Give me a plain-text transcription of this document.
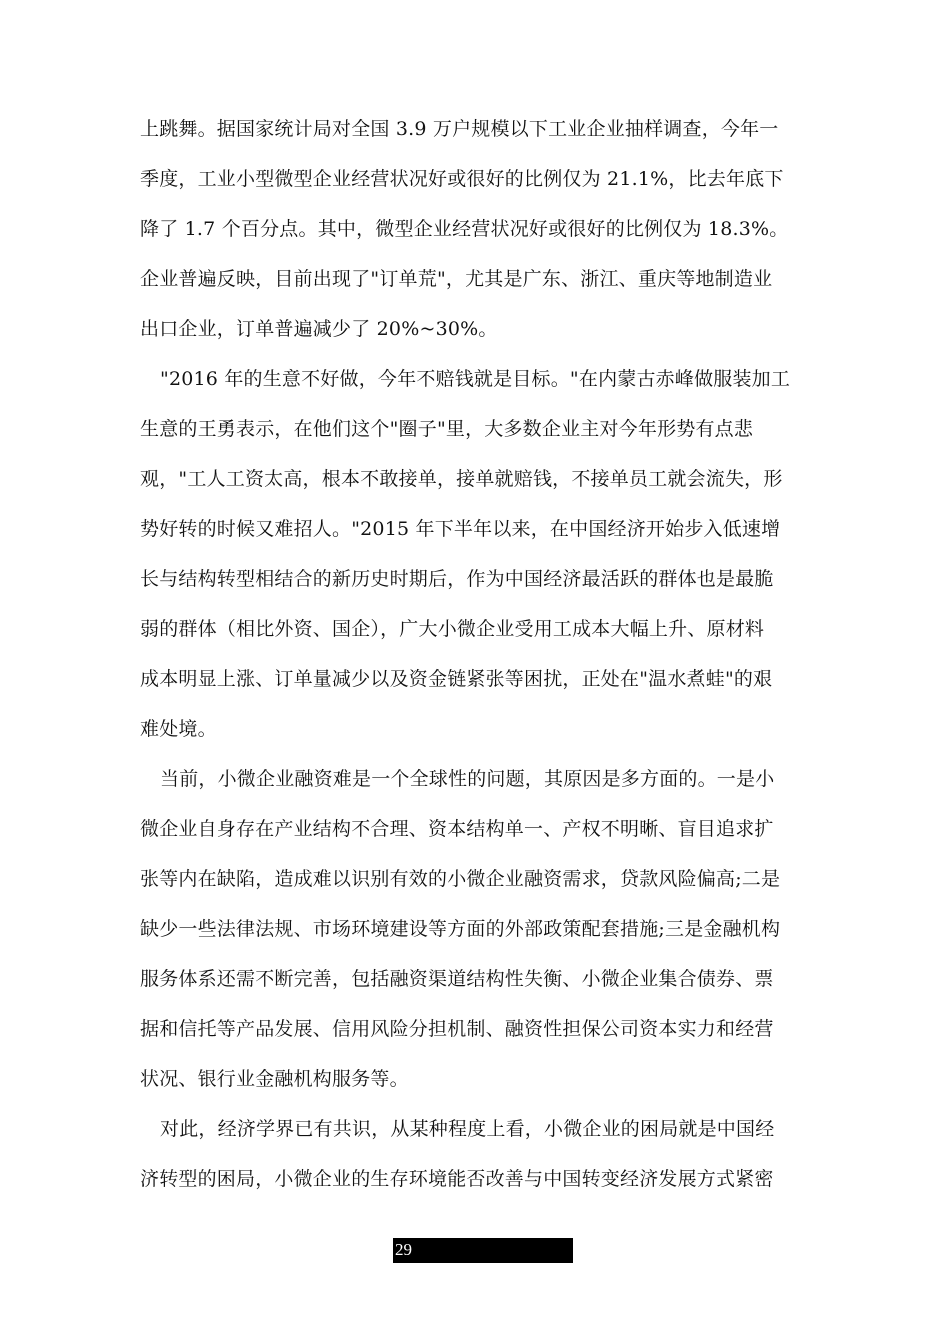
上跳舞。据国家统计局对全国 3.9 万户规模以下工业企业抽样调查，今年一
季度，工业小型微型企业经营状况好或很好的比例仅为 21.1%，比去年底下
降了 1.7 个百分点。其中，微型企业经营状况好或很好的比例仅为 18.3%。
企业普遍反映，目前出现了"订单荒"，尤其是广东、浙江、重庆等地制造业
出口企业，订单普遍减少了 20%~30%。
"2016 年的生意不好做，今年不赔钱就是目标。"在内蒙古赤峰做服装加工
生意的王勇表示，在他们这个"圈子"里，大多数企业主对今年形势有点悲
观，"工人工资太高，根本不敢接单，接单就赔钱，不接单员工就会流失，形
势好转的时候又难招人。"2015 年下半年以来，在中国经济开始步入低速增
长与结构转型相结合的新历史时期后，作为中国经济最活跃的群体也是最脆
弱的群体（相比外资、国企），广大小微企业受用工成本大幅上升、原材料
成本明显上涨、订单量减少以及资金链紧张等困扰，正处在"温水煮蛙"的艰
难处境。
当前，小微企业融资难是一个全球性的问题，其原因是多方面的。一是小
微企业自身存在产业结构不合理、资本结构单一、产权不明晰、盲目追求扩
张等内在缺陷，造成难以识别有效的小微企业融资需求，贷款风险偏高;二是
缺少一些法律法规、市场环境建设等方面的外部政策配套措施;三是金融机构
服务体系还需不断完善，包括融资渠道结构性失衡、小微企业集合债券、票
据和信托等产品发展、信用风险分担机制、融资性担保公司资本实力和经营
状况、银行业金融机构服务等。
对此，经济学界已有共识，从某种程度上看，小微企业的困局就是中国经
济转型的困局，小微企业的生存环境能否改善与中国转变经济发展方式紧密
29
